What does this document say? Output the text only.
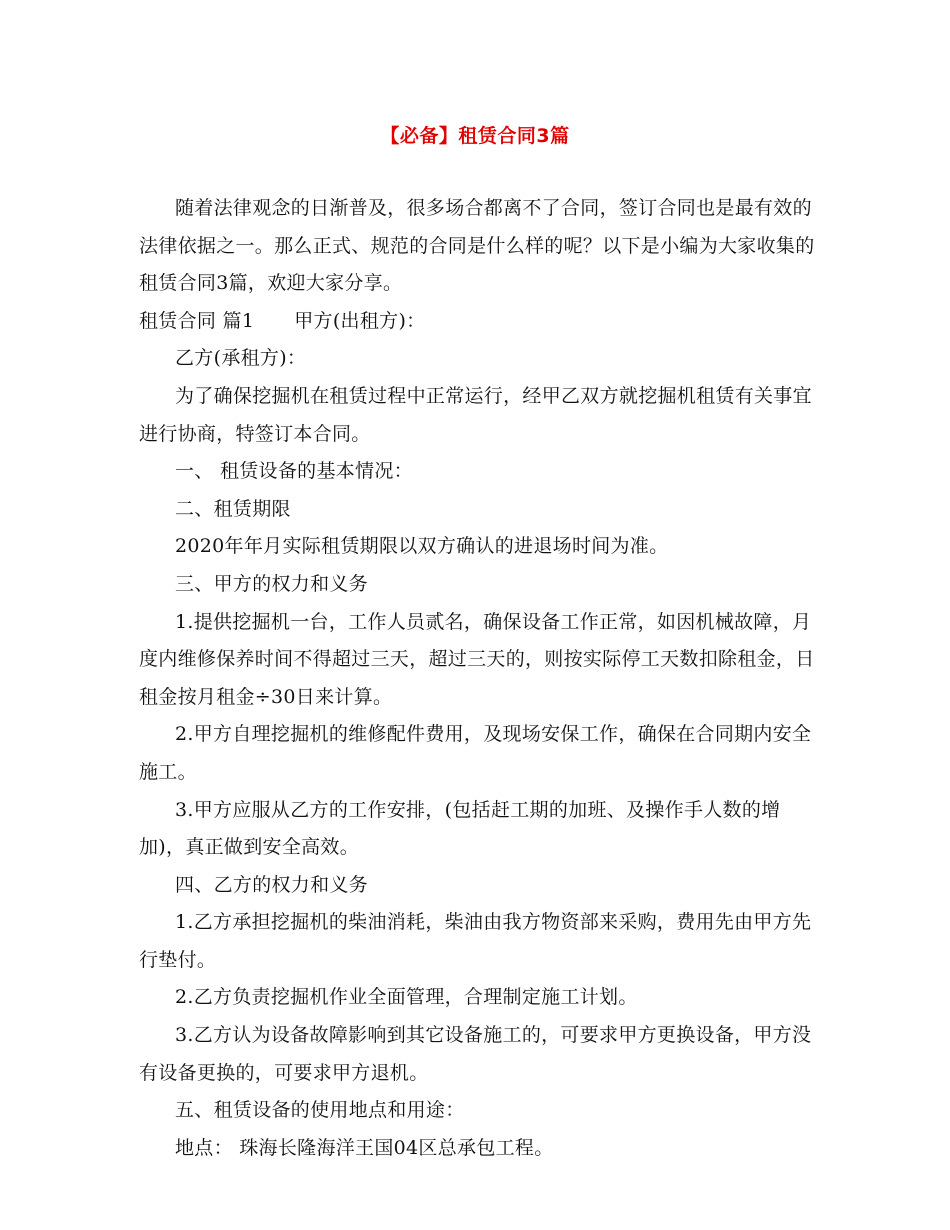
【必备】租赁合同3篇

随着法律观念的日渐普及，很多场合都离不了合同，签订合同也是最有效的法律依据之一。那么正式、规范的合同是什么样的呢？以下是小编为大家收集的租赁合同3篇，欢迎大家分享。

租赁合同 篇1 甲方(出租方)：

乙方(承租方)：

为了确保挖掘机在租赁过程中正常运行，经甲乙双方就挖掘机租赁有关事宜进行协商，特签订本合同。

一、 租赁设备的基本情况：

二、租赁期限

2020年年月实际租赁期限以双方确认的进退场时间为准。

三、甲方的权力和义务

1.提供挖掘机一台，工作人员贰名，确保设备工作正常，如因机械故障，月度内维修保养时间不得超过三天，超过三天的，则按实际停工天数扣除租金，日租金按月租金÷30日来计算。

2.甲方自理挖掘机的维修配件费用，及现场安保工作，确保在合同期内安全施工。

3.甲方应服从乙方的工作安排，(包括赶工期的加班、及操作手人数的增加)，真正做到安全高效。

四、乙方的权力和义务

1.乙方承担挖掘机的柴油消耗，柴油由我方物资部来采购，费用先由甲方先行垫付。

2.乙方负责挖掘机作业全面管理，合理制定施工计划。

3.乙方认为设备故障影响到其它设备施工的，可要求甲方更换设备，甲方没有设备更换的，可要求甲方退机。

五、租赁设备的使用地点和用途：

地点： 珠海长隆海洋王国04区总承包工程。
